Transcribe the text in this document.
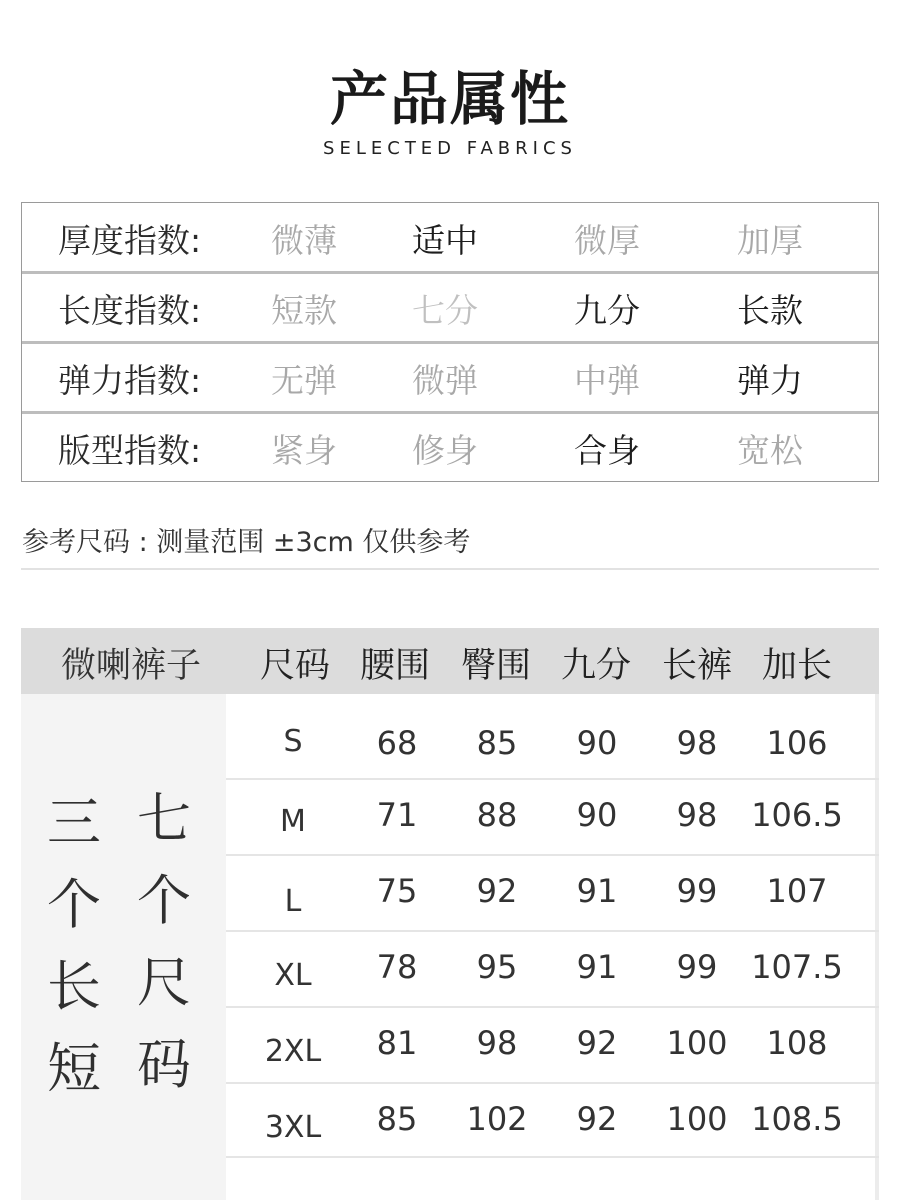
产品属性
SELECTED FABRICS
厚度指数:	微薄	适中	微厚	加厚
长度指数:	短款	七分	九分	长款
弹力指数:	无弹	微弹	中弹	弹力
版型指数:	紧身	修身	合身	宽松
参考尺码 : 测量范围 ±3cm 仅供参考
微喇裤子	尺码 腰围 臀围 九分 长裤 加长
三
个
长
短
七
个
尺
码
S	68	85	90	98	106
M	71	88	90	98	106.5
L	75	92	91	99	107
XL	78	95	91	99	107.5
2XL	81	98	92	100	108
3XL	85	102	92	100 108.5
